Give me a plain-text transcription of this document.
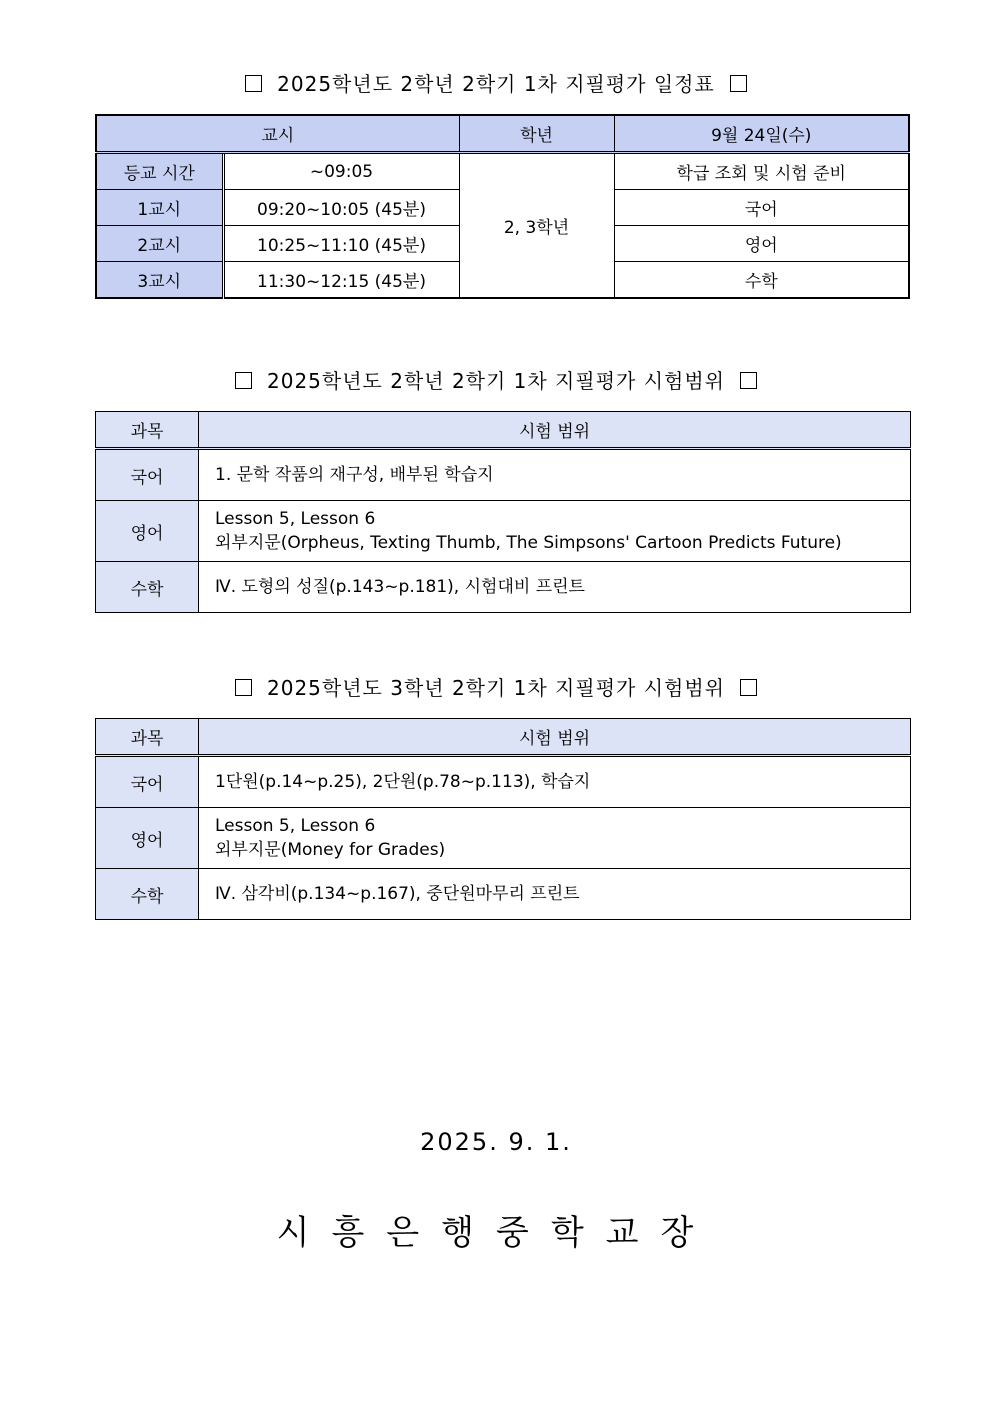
2025학년도 2학년 2학기 1차 지필평가 일정표
교시		학년	9월 24일(수)
등교 시간	~09:05	2, 3학년	학급 조회 및 시험 준비
1교시	09:20~10:05 (45분)		국어
2교시	10:25~11:10 (45분)		영어
3교시	11:30~12:15 (45분)		수학
2025학년도 2학년 2학기 1차 지필평가 시험범위
과목	시험 범위
국어	1. 문학 작품의 재구성, 배부된 학습지

영어	Lesson 5, Lesson 6
외부지문(Orpheus, Texting Thumb, The Simpsons' Cartoon Predicts Future)

수학	Ⅳ. 도형의 성질(p.143~p.181), 시험대비 프린트
2025학년도 3학년 2학기 1차 지필평가 시험범위
과목	시험 범위
국어	1단원(p.14~p.25), 2단원(p.78~p.113), 학습지

영어	Lesson 5, Lesson 6
외부지문(Money for Grades)

수학	Ⅳ. 삼각비(p.134~p.167), 중단원마무리 프린트
2025. 9. 1.
시흥은행중학교장
